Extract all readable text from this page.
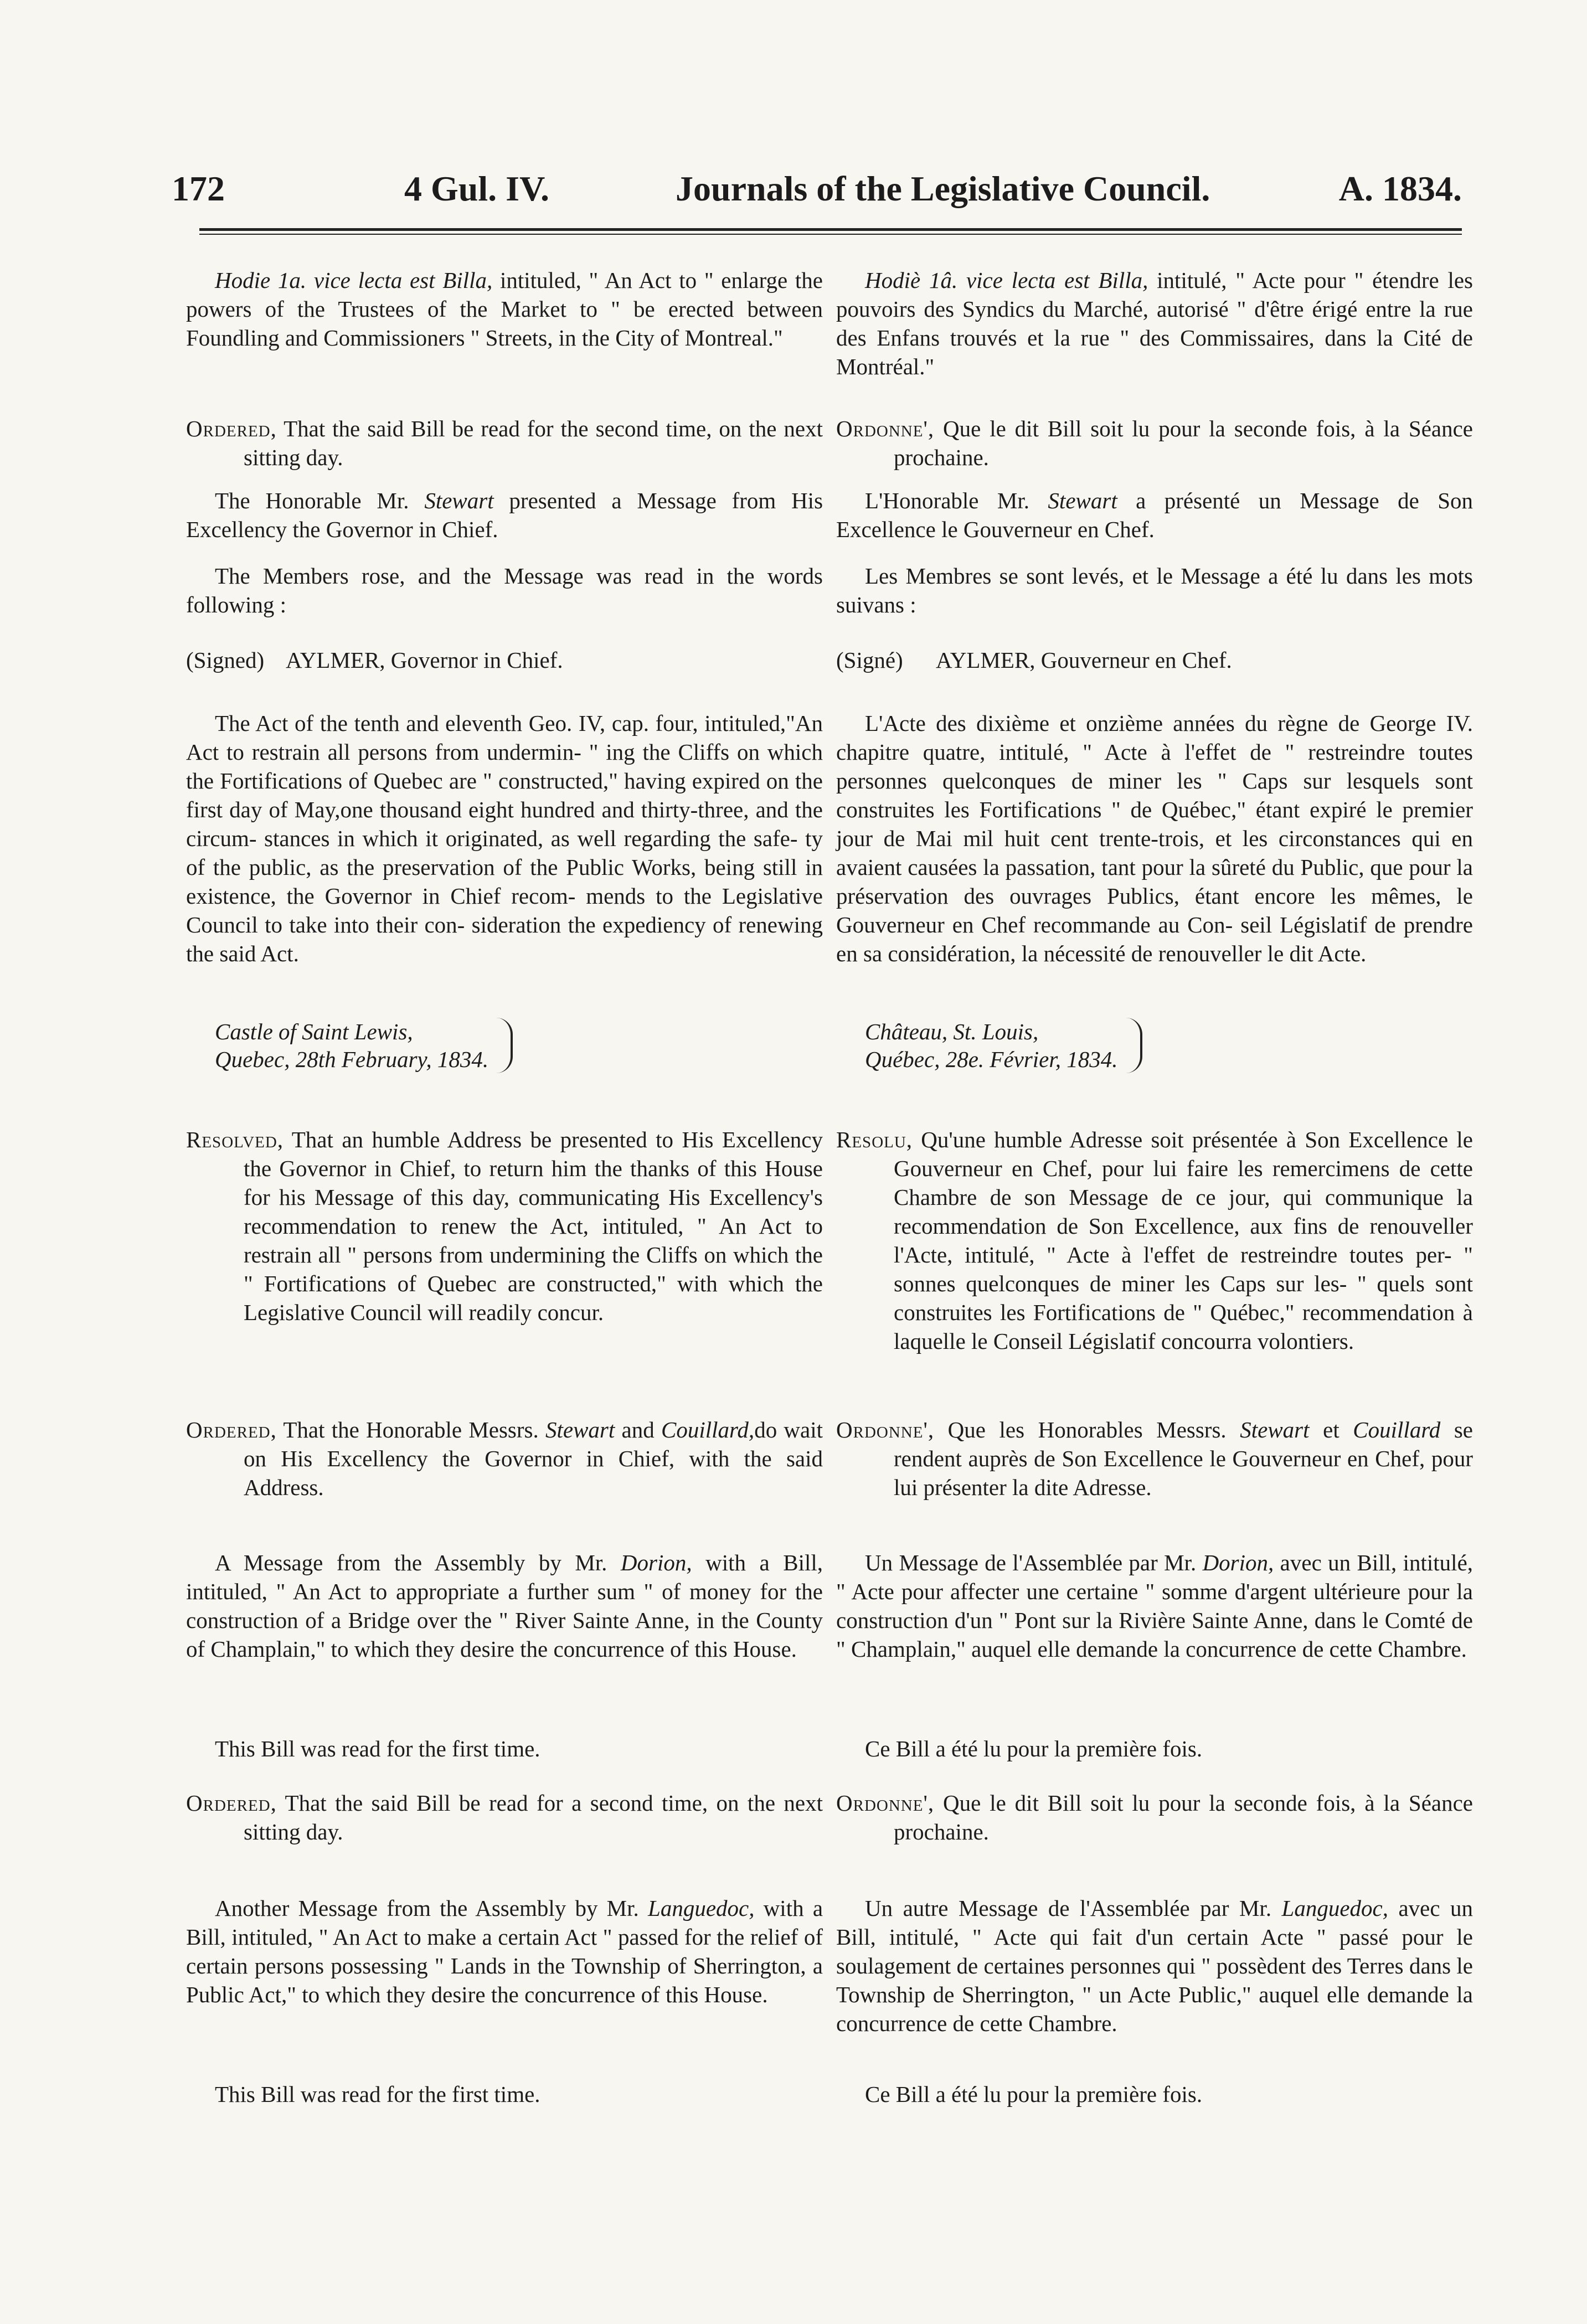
172	4 Gul. IV.	Journals of the Legislative Council.	A. 1834.

Hodie 1a. vice lecta est Billa, intituled, " An Act to " enlarge the powers of the Trustees of the Market to " be erected between Foundling and Commissioners " Streets, in the City of Montreal."

Ordered, That the said Bill be read for the second time, on the next sitting day.

The Honorable Mr. Stewart presented a Message from His Excellency the Governor in Chief.

The Members rose, and the Message was read in the words following :

(Signed) AYLMER, Governor in Chief.

The Act of the tenth and eleventh Geo. IV, cap. four, intituled,"An Act to restrain all persons from undermin- " ing the Cliffs on which the Fortifications of Quebec are " constructed," having expired on the first day of May,one thousand eight hundred and thirty-three, and the circum- stances in which it originated, as well regarding the safe- ty of the public, as the preservation of the Public Works, being still in existence, the Governor in Chief recom- mends to the Legislative Council to take into their con- sideration the expediency of renewing the said Act.

Castle of Saint Lewis,
Quebec, 28th February, 1834.

Resolved, That an humble Address be presented to His Excellency the Governor in Chief, to return him the thanks of this House for his Message of this day, communicating His Excellency's recommendation to renew the Act, intituled, " An Act to restrain all " persons from undermining the Cliffs on which the " Fortifications of Quebec are constructed," with which the Legislative Council will readily concur.

Ordered, That the Honorable Messrs. Stewart and Couillard,do wait on His Excellency the Governor in Chief, with the said Address.

A Message from the Assembly by Mr. Dorion, with a Bill, intituled, " An Act to appropriate a further sum " of money for the construction of a Bridge over the " River Sainte Anne, in the County of Champlain," to which they desire the concurrence of this House.

This Bill was read for the first time.

Ordered, That the said Bill be read for a second time, on the next sitting day.

Another Message from the Assembly by Mr. Languedoc, with a Bill, intituled, " An Act to make a certain Act " passed for the relief of certain persons possessing " Lands in the Township of Sherrington, a Public Act," to which they desire the concurrence of this House.

This Bill was read for the first time.

Hodiè 1â. vice lecta est Billa, intitulé, " Acte pour " étendre les pouvoirs des Syndics du Marché, autorisé " d'être érigé entre la rue des Enfans trouvés et la rue " des Commissaires, dans la Cité de Montréal."

Ordonne', Que le dit Bill soit lu pour la seconde fois, à la Séance prochaine.

L'Honorable Mr. Stewart a présenté un Message de Son Excellence le Gouverneur en Chef.

Les Membres se sont levés, et le Message a été lu dans les mots suivans :

(Signé) AYLMER, Gouverneur en Chef.

L'Acte des dixième et onzième années du règne de George IV. chapitre quatre, intitulé, " Acte à l'effet de " restreindre toutes personnes quelconques de miner les " Caps sur lesquels sont construites les Fortifications " de Québec," étant expiré le premier jour de Mai mil huit cent trente-trois, et les circonstances qui en avaient causées la passation, tant pour la sûreté du Public, que pour la préservation des ouvrages Publics, étant encore les mêmes, le Gouverneur en Chef recommande au Con- seil Législatif de prendre en sa considération, la nécessité de renouveller le dit Acte.

Château, St. Louis,
Québec, 28e. Février, 1834.

Resolu, Qu'une humble Adresse soit présentée à Son Excellence le Gouverneur en Chef, pour lui faire les remercimens de cette Chambre de son Message de ce jour, qui communique la recommendation de Son Excellence, aux fins de renouveller l'Acte, intitulé, " Acte à l'effet de restreindre toutes per- " sonnes quelconques de miner les Caps sur les- " quels sont construites les Fortifications de " Québec," recommendation à laquelle le Conseil Législatif concourra volontiers.

Ordonne', Que les Honorables Messrs. Stewart et Couillard se rendent auprès de Son Excellence le Gouverneur en Chef, pour lui présenter la dite Adresse.

Un Message de l'Assemblée par Mr. Dorion, avec un Bill, intitulé, " Acte pour affecter une certaine " somme d'argent ultérieure pour la construction d'un " Pont sur la Rivière Sainte Anne, dans le Comté de " Champlain," auquel elle demande la concurrence de cette Chambre.

Ce Bill a été lu pour la première fois.

Ordonne', Que le dit Bill soit lu pour la seconde fois, à la Séance prochaine.

Un autre Message de l'Assemblée par Mr. Languedoc, avec un Bill, intitulé, " Acte qui fait d'un certain Acte " passé pour le soulagement de certaines personnes qui " possèdent des Terres dans le Township de Sherrington, " un Acte Public," auquel elle demande la concurrence de cette Chambre.

Ce Bill a été lu pour la première fois.
